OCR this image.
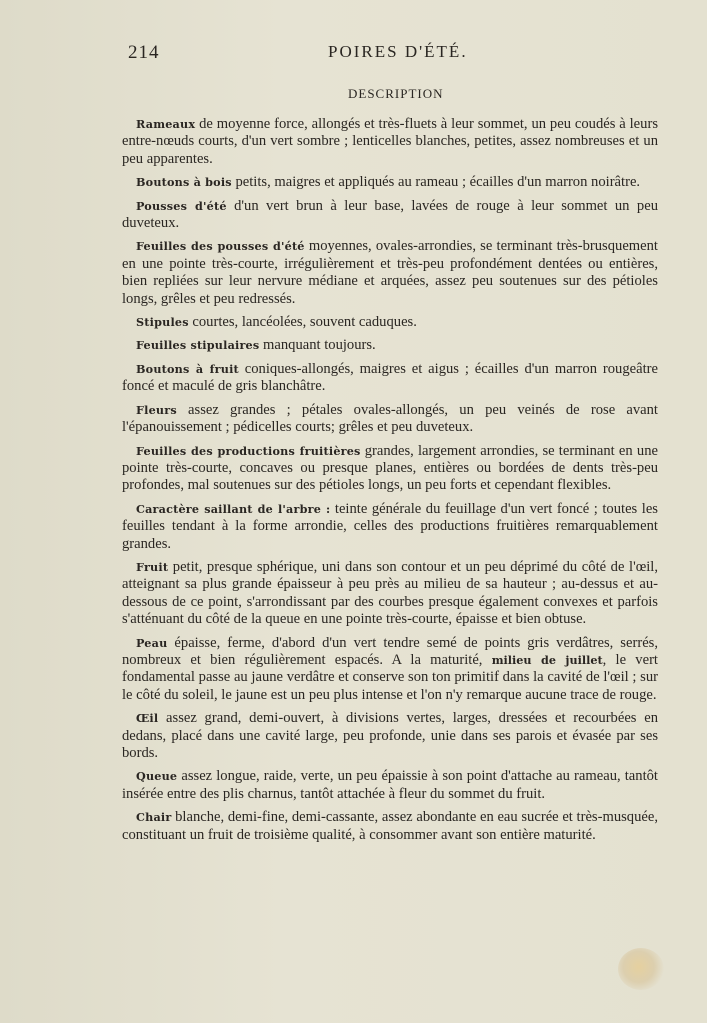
214	POIRES D'ÉTÉ.
DESCRIPTION

Rameaux de moyenne force, allongés et très-fluets à leur sommet, un peu coudés à leurs entre-nœuds courts, d'un vert sombre ; lenticelles blanches, petites, assez nombreuses et un peu apparentes.

Boutons à bois petits, maigres et appliqués au rameau ; écailles d'un marron noirâtre.

Pousses d'été d'un vert brun à leur base, lavées de rouge à leur sommet un peu duveteux.

Feuilles des pousses d'été moyennes, ovales-arrondies, se terminant très-brusquement en une pointe très-courte, irrégulièrement et très-peu profondément dentées ou entières, bien repliées sur leur nervure médiane et arquées, assez peu soutenues sur des pétioles longs, grêles et peu redressés.

Stipules courtes, lancéolées, souvent caduques.

Feuilles stipulaires manquant toujours.

Boutons à fruit coniques-allongés, maigres et aigus ; écailles d'un marron rougeâtre foncé et maculé de gris blanchâtre.

Fleurs assez grandes ; pétales ovales-allongés, un peu veinés de rose avant l'épanouissement ; pédicelles courts; grêles et peu duveteux.

Feuilles des productions fruitières grandes, largement arrondies, se terminant en une pointe très-courte, concaves ou presque planes, entières ou bordées de dents très-peu profondes, mal soutenues sur des pétioles longs, un peu forts et cependant flexibles.

Caractère saillant de l'arbre : teinte générale du feuillage d'un vert foncé ; toutes les feuilles tendant à la forme arrondie, celles des productions fruitières remarquablement grandes.

Fruit petit, presque sphérique, uni dans son contour et un peu déprimé du côté de l'œil, atteignant sa plus grande épaisseur à peu près au milieu de sa hauteur ; au-dessus et au-dessous de ce point, s'arrondissant par des courbes presque également convexes et parfois s'atténuant du côté de la queue en une pointe très-courte, épaisse et bien obtuse.

Peau épaisse, ferme, d'abord d'un vert tendre semé de points gris verdâtres, serrés, nombreux et bien régulièrement espacés. A la maturité, milieu de juillet, le vert fondamental passe au jaune verdâtre et conserve son ton primitif dans la cavité de l'œil ; sur le côté du soleil, le jaune est un peu plus intense et l'on n'y remarque aucune trace de rouge.

Œil assez grand, demi-ouvert, à divisions vertes, larges, dressées et recourbées en dedans, placé dans une cavité large, peu profonde, unie dans ses parois et évasée par ses bords.

Queue assez longue, raide, verte, un peu épaissie à son point d'attache au rameau, tantôt insérée entre des plis charnus, tantôt attachée à fleur du sommet du fruit.

Chair blanche, demi-fine, demi-cassante, assez abondante en eau sucrée et très-musquée, constituant un fruit de troisième qualité, à consommer avant son entière maturité.
